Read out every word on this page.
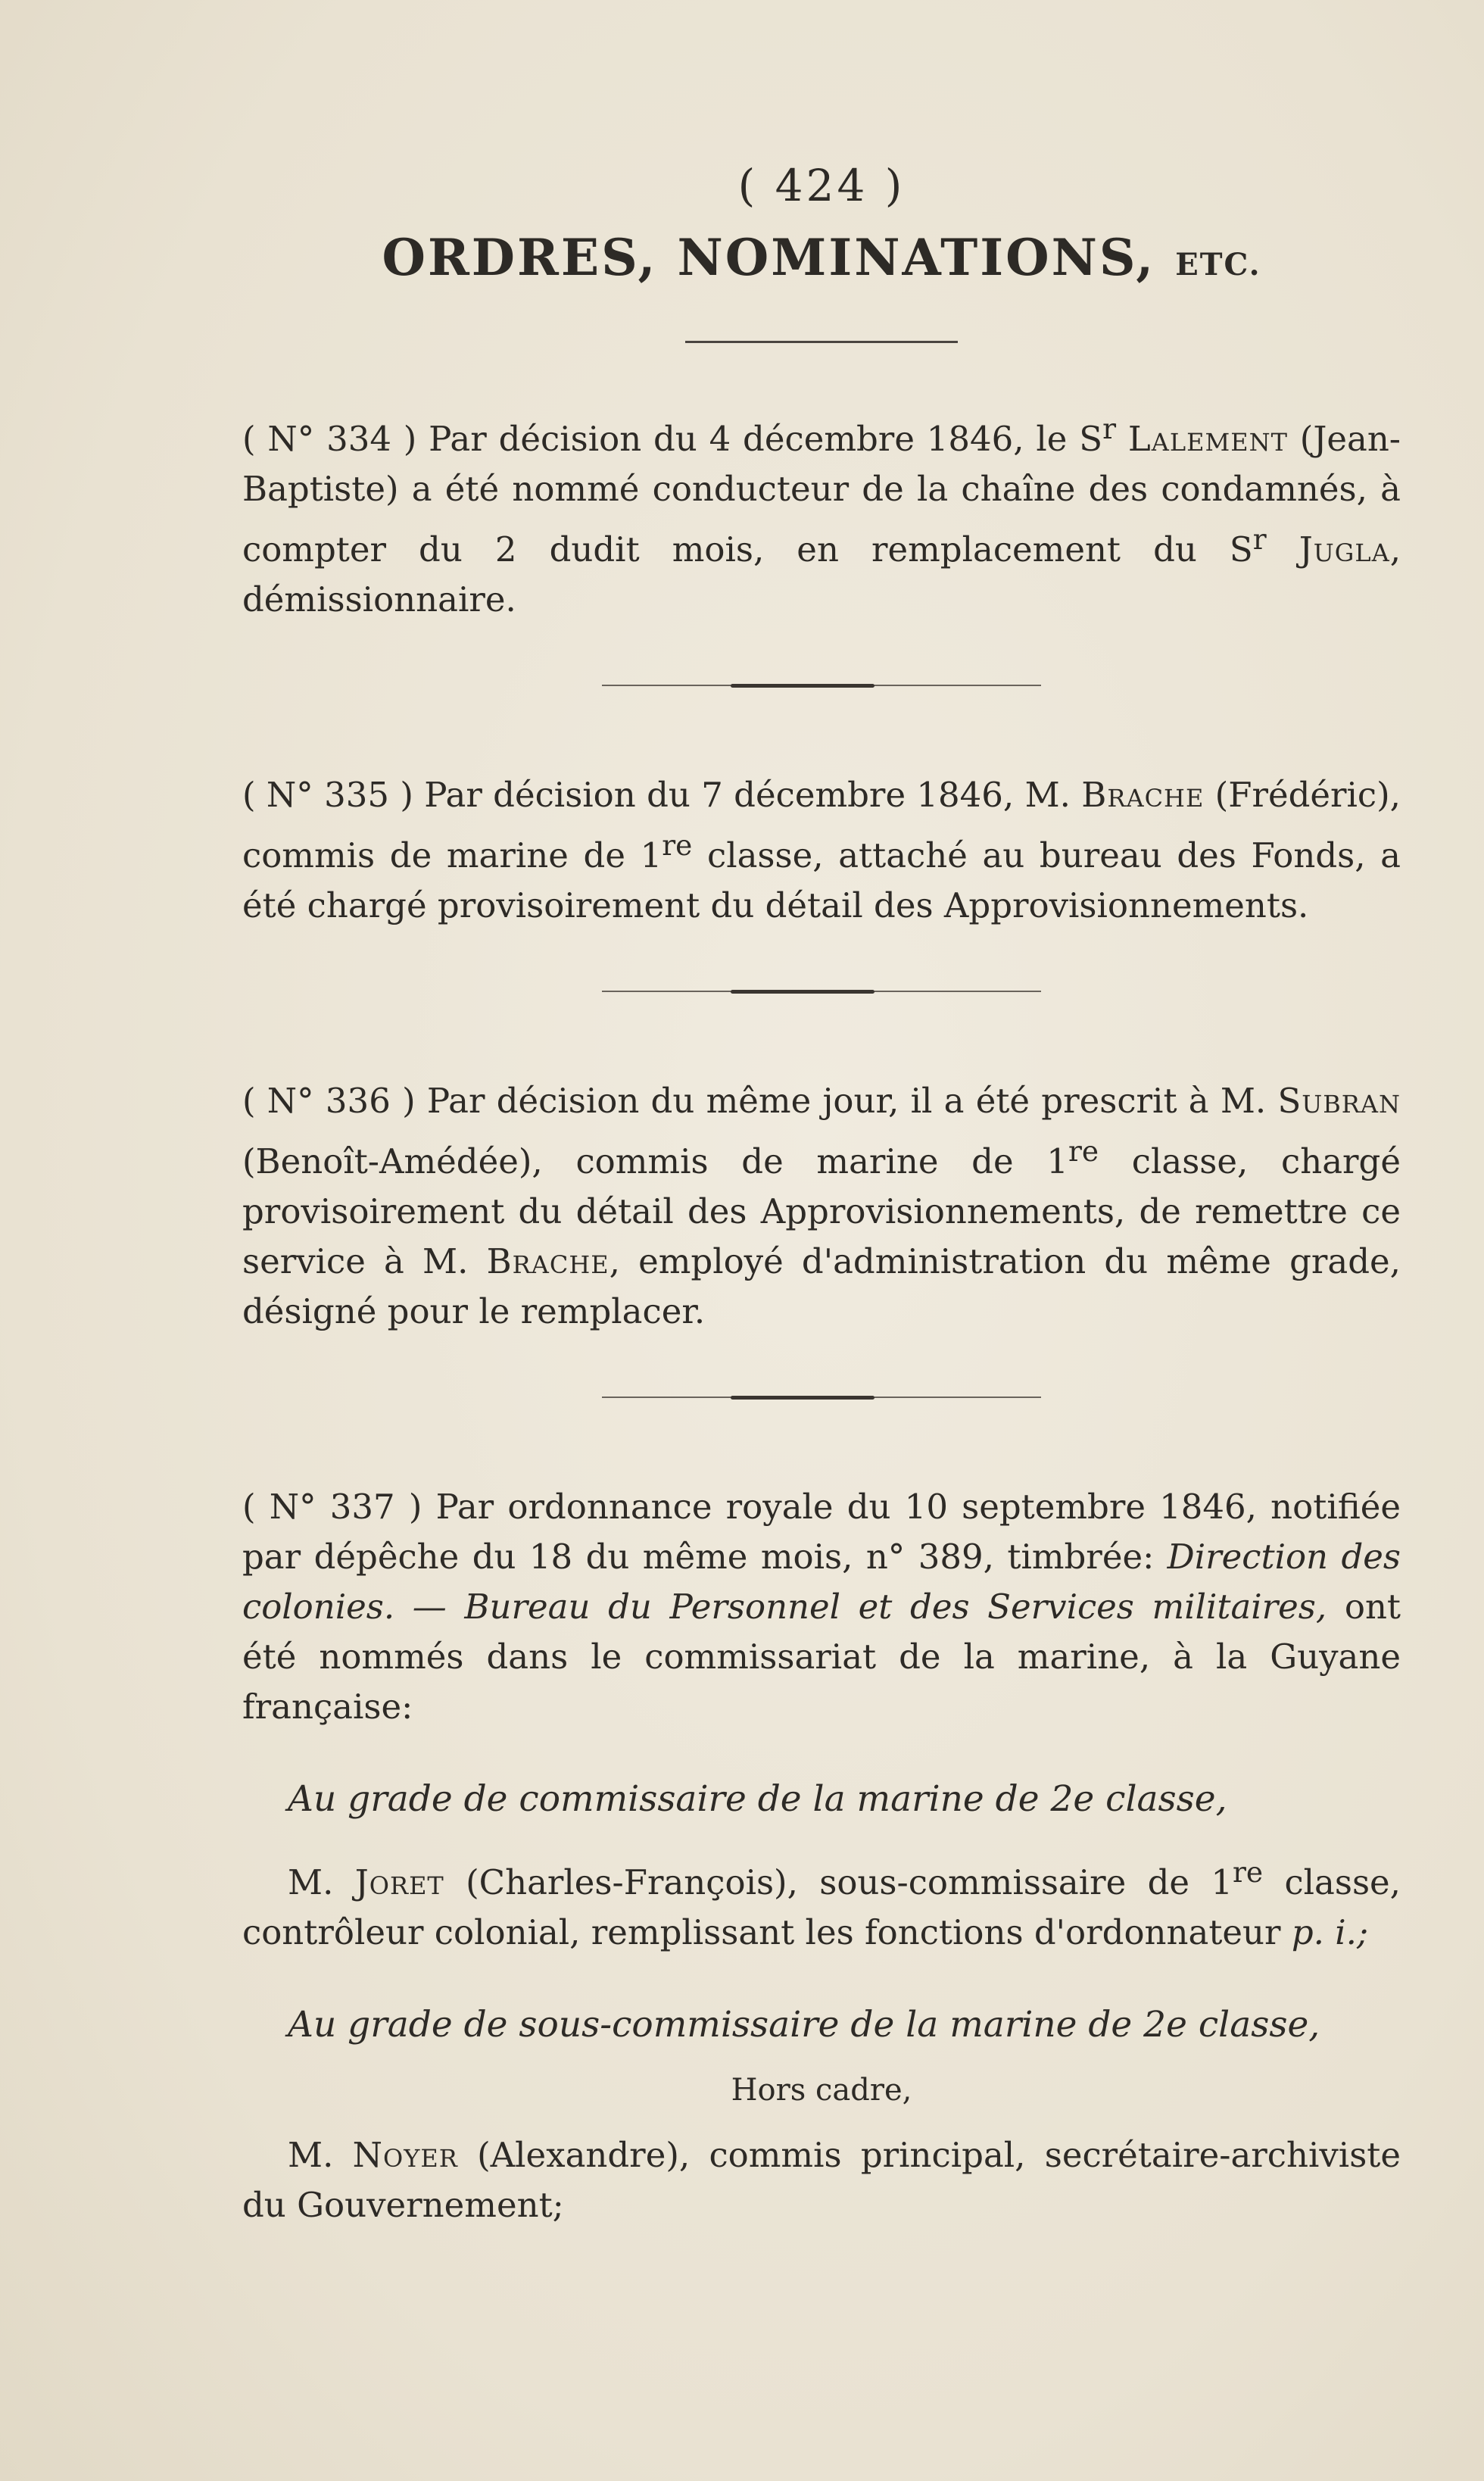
( 424 )

ORDRES, NOMINATIONS, ETC.

( N° 334 ) Par décision du 4 décembre 1846, le $S^r$ Lalement (Jean-Baptiste) a été nommé conducteur de la chaîne des condamnés, à compter du 2 dudit mois, en remplacement du $S^r$ Jugla, démissionnaire.

( N° 335 ) Par décision du 7 décembre 1846, M. Brache (Frédéric), commis de marine de 1re classe, attaché au bureau des Fonds, a été chargé provisoirement du détail des Approvisionnements.

( N° 336 ) Par décision du même jour, il a été prescrit à M. Subran (Benoît-Amédée), commis de marine de 1re classe, chargé provisoirement du détail des Approvisionnements, de remettre ce service à M. Brache, employé d'administration du même grade, désigné pour le remplacer.

( N° 337 ) Par ordonnance royale du 10 septembre 1846, notifiée par dépêche du 18 du même mois, n° 389, timbrée: Direction des colonies. — Bureau du Personnel et des Services militaires, ont été nommés dans le commissariat de la marine, à la Guyane française:

Au grade de commissaire de la marine de 2e classe,

M. Joret (Charles-François), sous-commissaire de 1re classe, contrôleur colonial, remplissant les fonctions d'ordonnateur p. i.;

Au grade de sous-commissaire de la marine de 2e classe,

Hors cadre,

M. Noyer (Alexandre), commis principal, secrétaire-archiviste du Gouvernement;
